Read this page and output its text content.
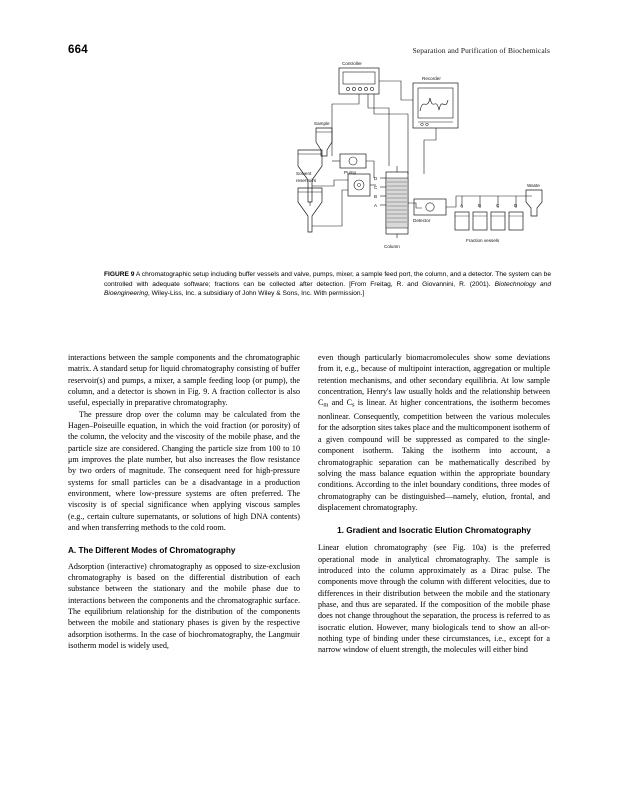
664	Separation and Purification of Biochemicals
Controller
Recorder
Sample
Pump
Solvent
reservoirs
Detector
Waste
Column
Fraction vessels
D
C
B
A	A	B	C	D
FIGURE 9 A chromatographic setup including buffer vessels and valve, pumps, mixer, a sample feed port, the column, and a detector. The system can be controlled with adequate software; fractions can be collected after detection. [From Freitag, R. and Giovannini, R. (2001). Biotechnology and Bioengineering, Wiley-Liss, Inc. a subsidiary of John Wiley & Sons, Inc. With permission.]

interactions between the sample components and the chromatographic matrix. A standard setup for liquid chromatography consisting of buffer reservoir(s) and pumps, a mixer, a sample feeding loop (or pump), the column, and a detector is shown in Fig. 9. A fraction collector is also useful, especially in preparative chromatography.

The pressure drop over the column may be calculated from the Hagen–Poiseuille equation, in which the void fraction (or porosity) of the column, the velocity and the viscosity of the mobile phase, and the particle size are considered. Changing the particle size from 100 to 10 μm improves the plate number, but also increases the flow resistance by two orders of magnitude. The consequent need for high-pressure systems for small particles can be a disadvantage in a production environment, where low-pressure systems are often preferred. The viscosity is of special significance when applying viscous samples (e.g., certain culture supernatants, or solutions of high DNA contents) and when transferring methods to the cold room.

A. The Different Modes of Chromatography

Adsorption (interactive) chromatography as opposed to size-exclusion chromatography is based on the differential distribution of each substance between the stationary and the mobile phase due to interactions between the components and the chromatographic surface. The equilibrium relationship for the distribution of the components between the mobile and stationary phases is given by the respective adsorption isotherms. In the case of biochromatography, the Langmuir isotherm model is widely used,

even though particularly biomacromolecules show some deviations from it, e.g., because of multipoint interaction, aggregation or multiple retention mechanisms, and other secondary equilibria. At low sample concentration, Henry's law usually holds and the relationship between $C_m$ and $C_s$ is linear. At higher concentrations, the isotherm becomes nonlinear. Consequently, competition between the various molecules for the adsorption sites takes place and the multicomponent isotherm of a given compound will be suppressed as compared to the single-component isotherm. Taking the isotherm into account, a chromatographic separation can be mathematically described by solving the mass balance equation within the appropriate boundary conditions. According to the inlet boundary conditions, three modes of chromatography can be distinguished—namely, elution, frontal, and displacement chromatography.

1. Gradient and Isocratic Elution Chromatography

Linear elution chromatography (see Fig. 10a) is the preferred operational mode in analytical chromatography. The sample is introduced into the column approximately as a Dirac pulse. The components move through the column with different velocities, due to differences in their distribution between the mobile and the stationary phase, and thus are separated. If the composition of the mobile phase does not change throughout the separation, the process is referred to as isocratic elution. However, many biologicals tend to show an all-or-nothing type of binding under these circumstances, i.e., except for a narrow window of eluent strength, the molecules will either bind
